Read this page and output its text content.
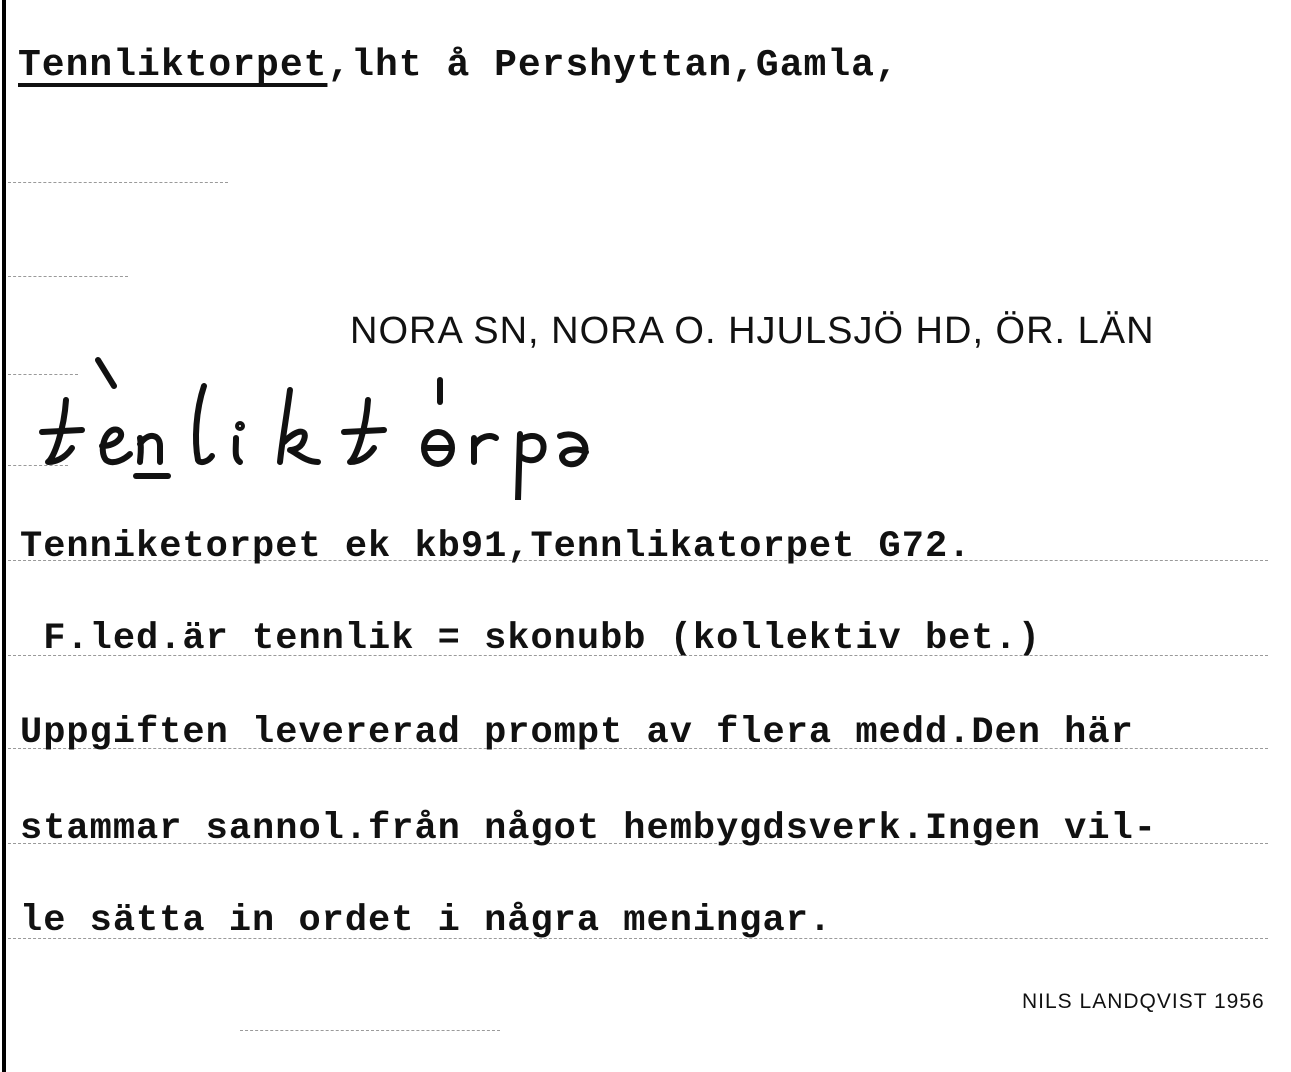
Tennliktorpet,lht å Pershyttan,Gamla,
NORA SN, NORA O. HJULSJÖ HD, ÖR. LÄN
Tenniketorpet ek kb91,Tennlikatorpet G72.
F.led.är tennlik = skonubb (kollektiv bet.)
Uppgiften levererad prompt av flera medd.Den här
stammar sannol.från något hembygdsverk.Ingen vil-
le sätta in ordet i några meningar.
NILS LANDQVIST 1956
